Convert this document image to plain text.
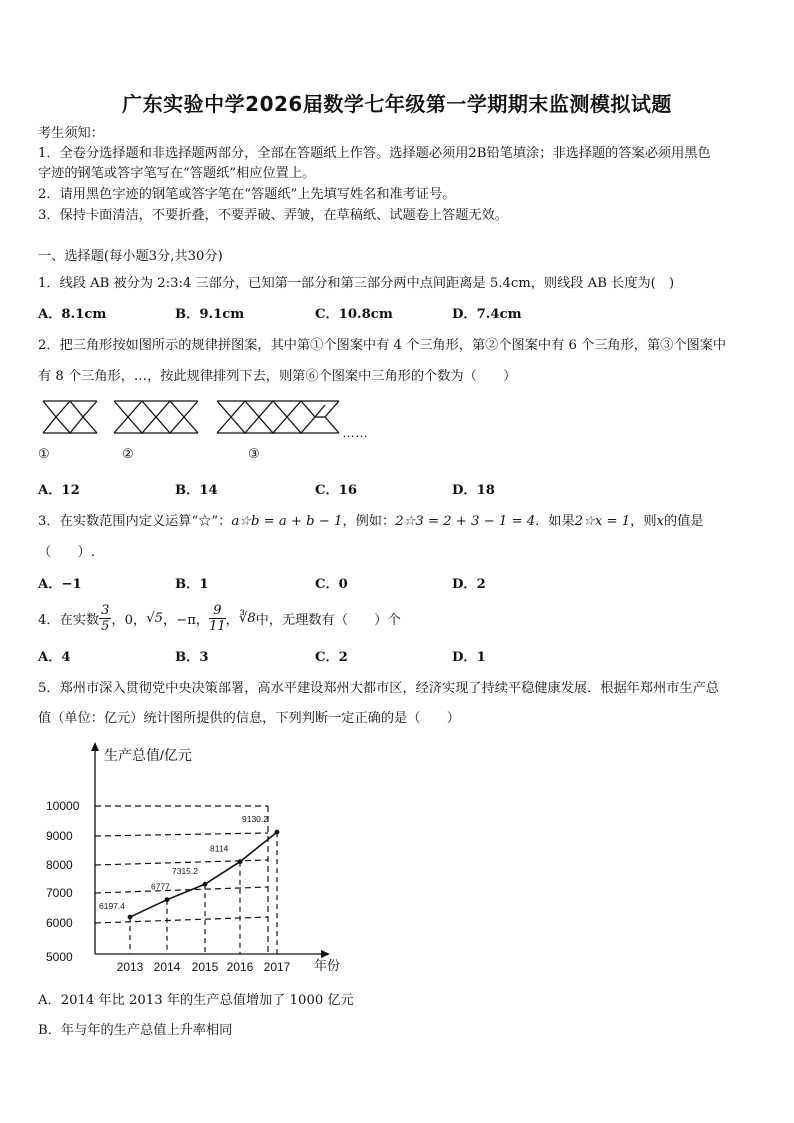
广东实验中学2026届数学七年级第一学期期末监测模拟试题
考生须知：
1．全卷分选择题和非选择题两部分，全部在答题纸上作答。选择题必须用2B铅笔填涂；非选择题的答案必须用黑色
字迹的钢笔或答字笔写在“答题纸”相应位置上。
2．请用黑色字迹的钢笔或答字笔在“答题纸”上先填写姓名和准考证号。
3．保持卡面清洁，不要折叠，不要弄破、弄皱，在草稿纸、试题卷上答题无效。
一、选择题(每小题3分,共30分)
1．线段 AB 被分为 2:3:4 三部分，已知第一部分和第三部分两中点间距离是 5.4cm，则线段 AB 长度为(　)
A．8.1cm	B．9.1cm	C．10.8cm	D．7.4cm
2．把三角形按如图所示的规律拼图案，其中第①个图案中有 4 个三角形，第②个图案中有 6 个三角形，第③个图案中
有 8 个三角形，…，按此规律排列下去，则第⑥个图案中三角形的个数为（　　）
……
①	②	③
A．12	B．14	C．16	D．18
3．在实数范围内定义运算“☆”：a☆b = a + b − 1，例如：2☆3 = 2 + 3 − 1 = 4．如果2☆x = 1，则x的值是
（　　）.
A．−1	B．1	C．0	D．2
4．在实数 $\frac{3}{5}$ ，0， √5 ，−π， $\frac{9}{11}$ ， ∛8 中，无理数有（　　）个
A．4	B．3	C．2	D．1
5．郑州市深入贯彻党中央决策部署，高水平建设郑州大都市区，经济实现了持续平稳健康发展．根据年郑州市生产总
值（单位：亿元）统计图所提供的信息，下列判断一定正确的是（　　）
生产总值/亿元
年份
10000
9000
8000
7000
6000
5000
2013 2014 2015 2016 2017
6197.4
6777
7315.2
8114
9130.2
A．2014 年比 2013 年的生产总值增加了 1000 亿元
B．年与年的生产总值上升率相同
